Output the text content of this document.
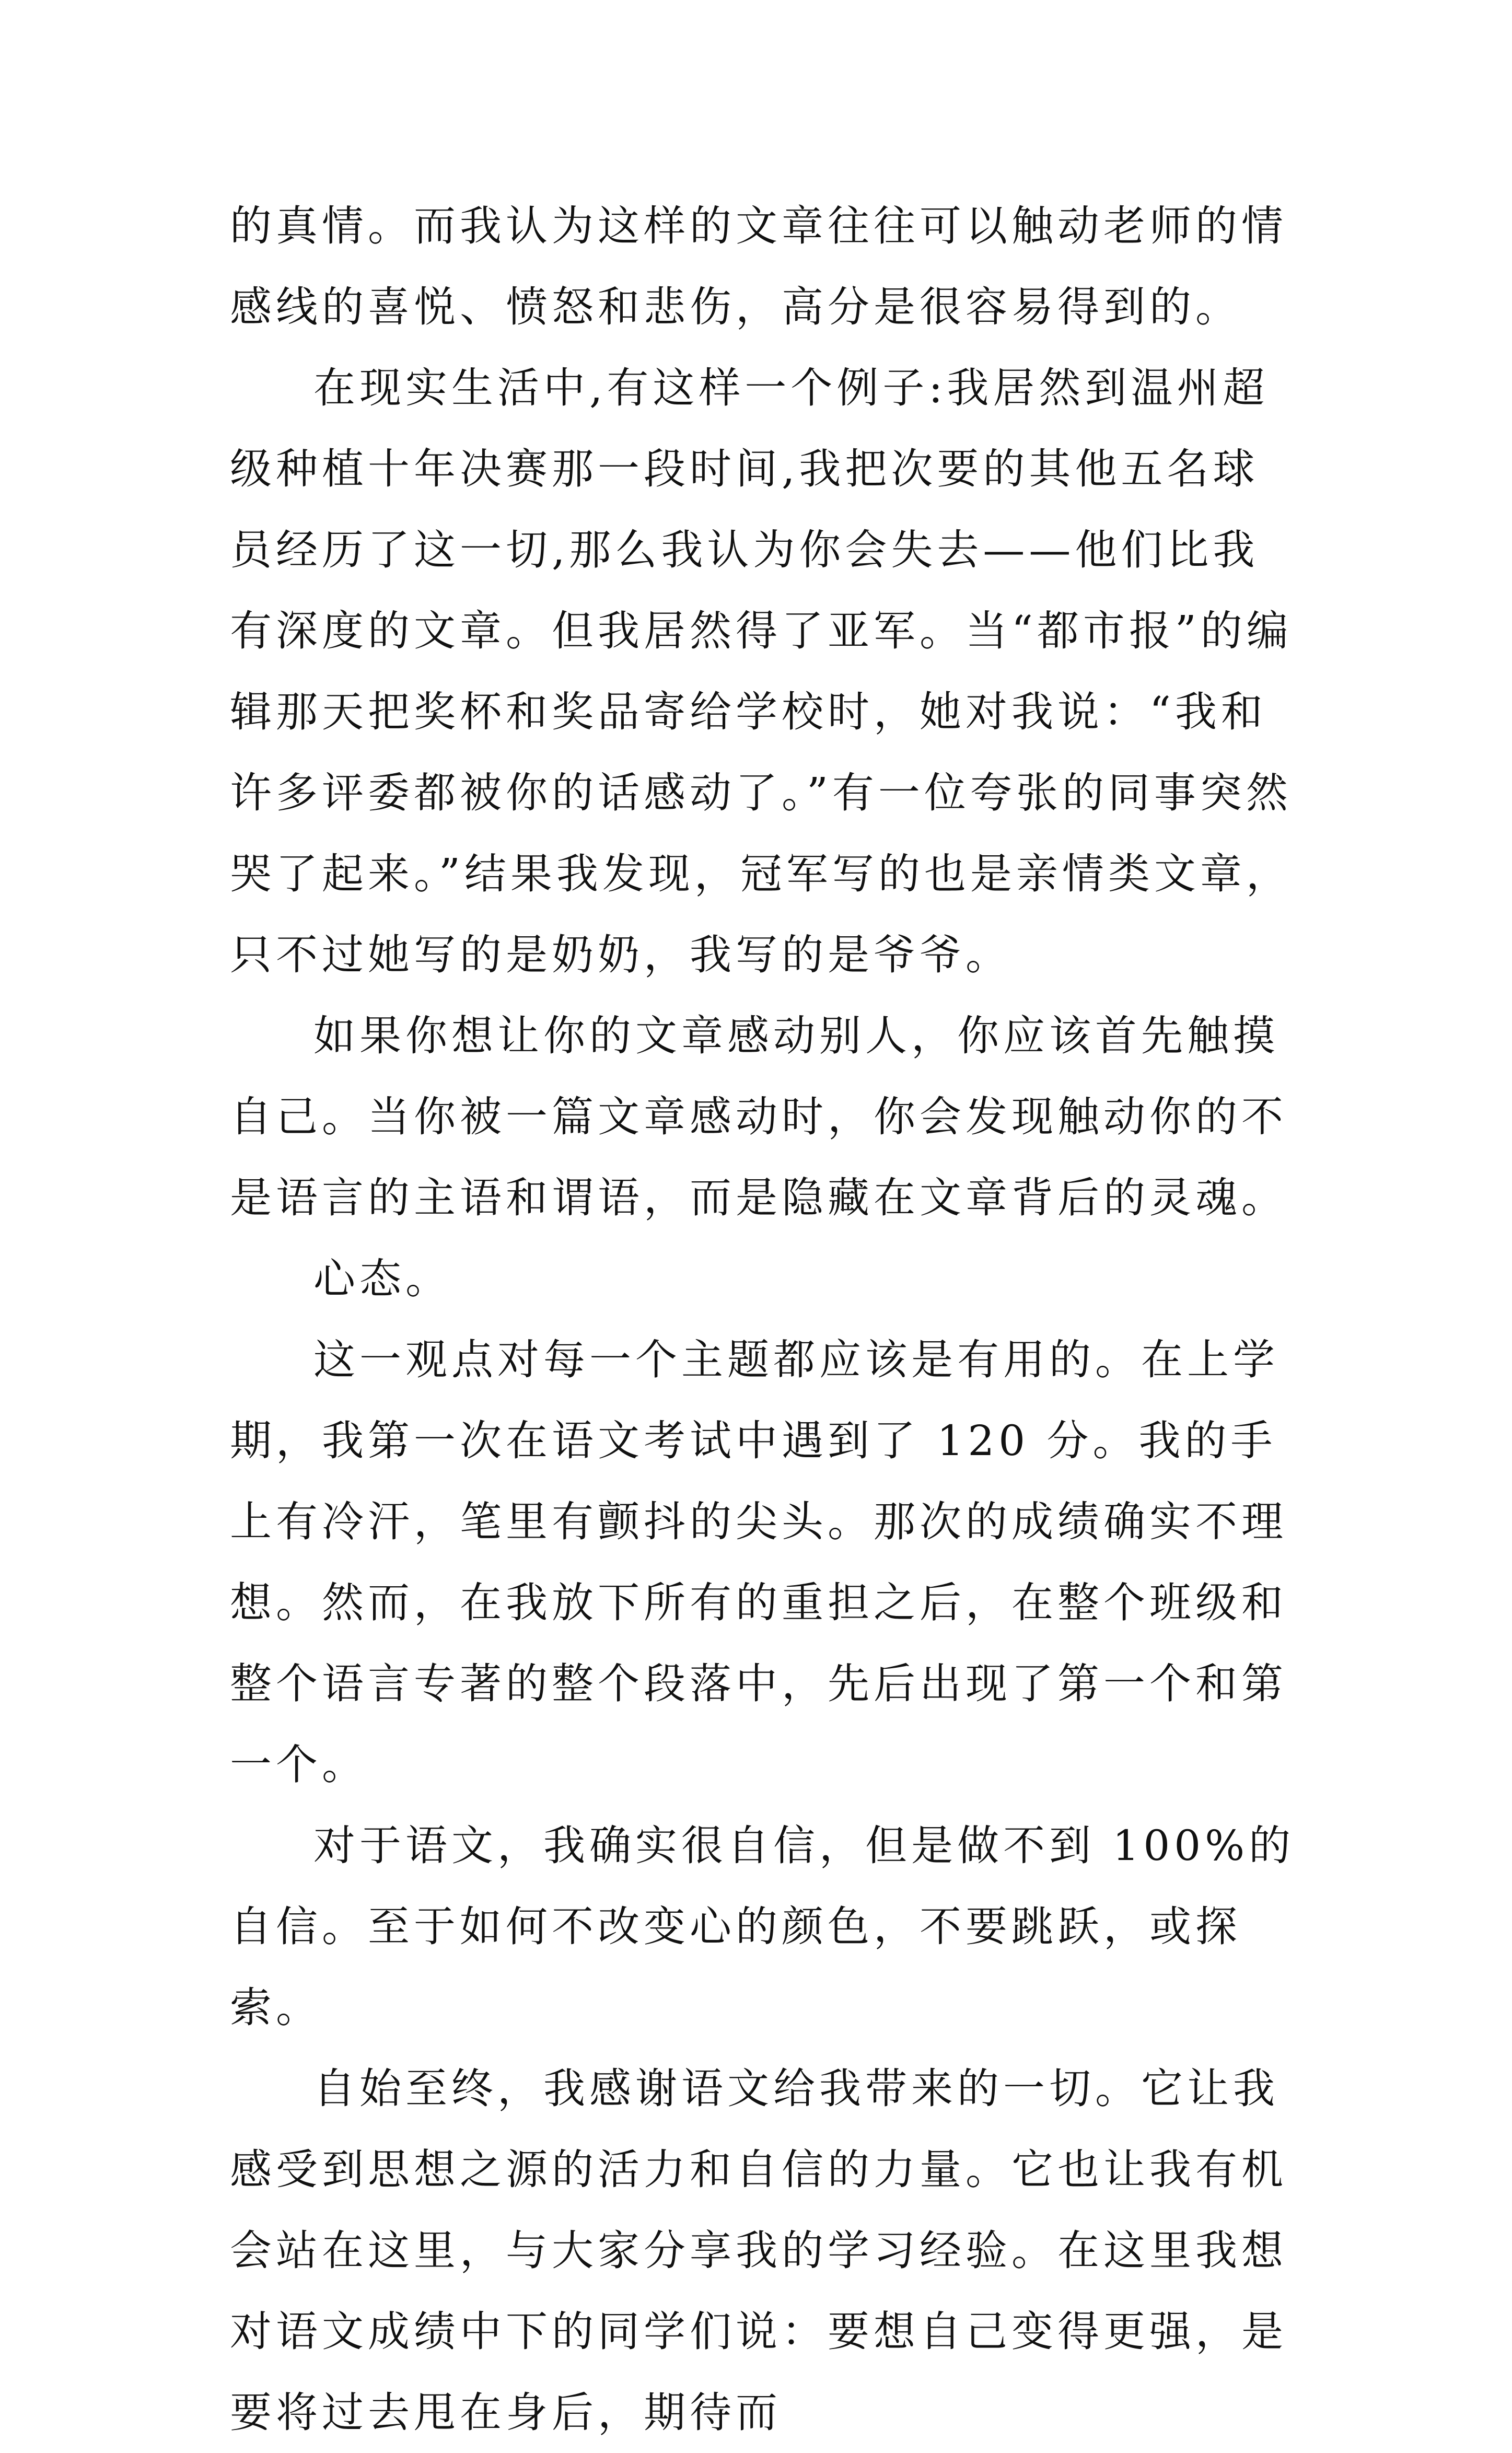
的真情。而我认为这样的文章往往可以触动老师的情感线的喜悦、愤怒和悲伤，高分是很容易得到的。

在现实生活中,有这样一个例子:我居然到温州超级种植十年决赛那一段时间,我把次要的其他五名球员经历了这一切,那么我认为你会失去——他们比我有深度的文章。但我居然得了亚军。当“都市报”的编辑那天把奖杯和奖品寄给学校时，她对我说：“我和许多评委都被你的话感动了。”有一位夸张的同事突然哭了起来。”结果我发现，冠军写的也是亲情类文章，只不过她写的是奶奶，我写的是爷爷。

如果你想让你的文章感动别人，你应该首先触摸自己。当你被一篇文章感动时，你会发现触动你的不是语言的主语和谓语，而是隐藏在文章背后的灵魂。

心态。

这一观点对每一个主题都应该是有用的。在上学期，我第一次在语文考试中遇到了 120 分。我的手上有冷汗，笔里有颤抖的尖头。那次的成绩确实不理想。然而，在我放下所有的重担之后，在整个班级和整个语言专著的整个段落中，先后出现了第一个和第一个。

对于语文，我确实很自信，但是做不到 100%的自信。至于如何不改变心的颜色，不要跳跃，或探索。

自始至终，我感谢语文给我带来的一切。它让我感受到思想之源的活力和自信的力量。它也让我有机会站在这里，与大家分享我的学习经验。在这里我想对语文成绩中下的同学们说：要想自己变得更强，是要将过去甩在身后，期待而
